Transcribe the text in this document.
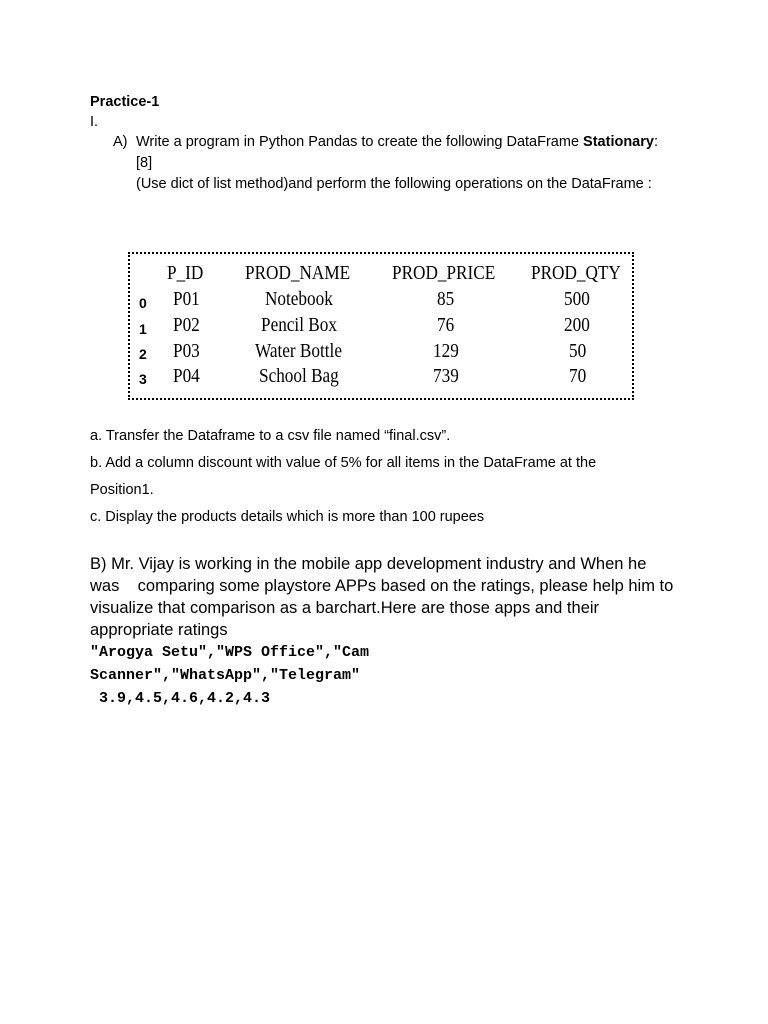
Practice-1
I.
A) Write a program in Python Pandas to create the following DataFrame Stationary:
[8]
(Use dict of list method)and perform the following operations on the DataFrame :
P_ID PROD_NAME PROD_PRICE PROD_QTY
0 P01	Notebook	85	500
1 P02	Pencil Box	76	200
2 P03	Water Bottle	129	50
3 P04	School Bag	739	70
a. Transfer the Dataframe to a csv file named “final.csv”.
b. Add a column discount with value of 5% for all items in the DataFrame at the
Position1.
c. Display the products details which is more than 100 rupees
B) Mr. Vijay is working in the mobile app development industry and When he
was    comparing some playstore APPs based on the ratings, please help him to
visualize that comparison as a barchart.Here are those apps and their
appropriate ratings
"Arogya Setu","WPS Office","Cam
Scanner","WhatsApp","Telegram"
3.9,4.5,4.6,4.2,4.3
